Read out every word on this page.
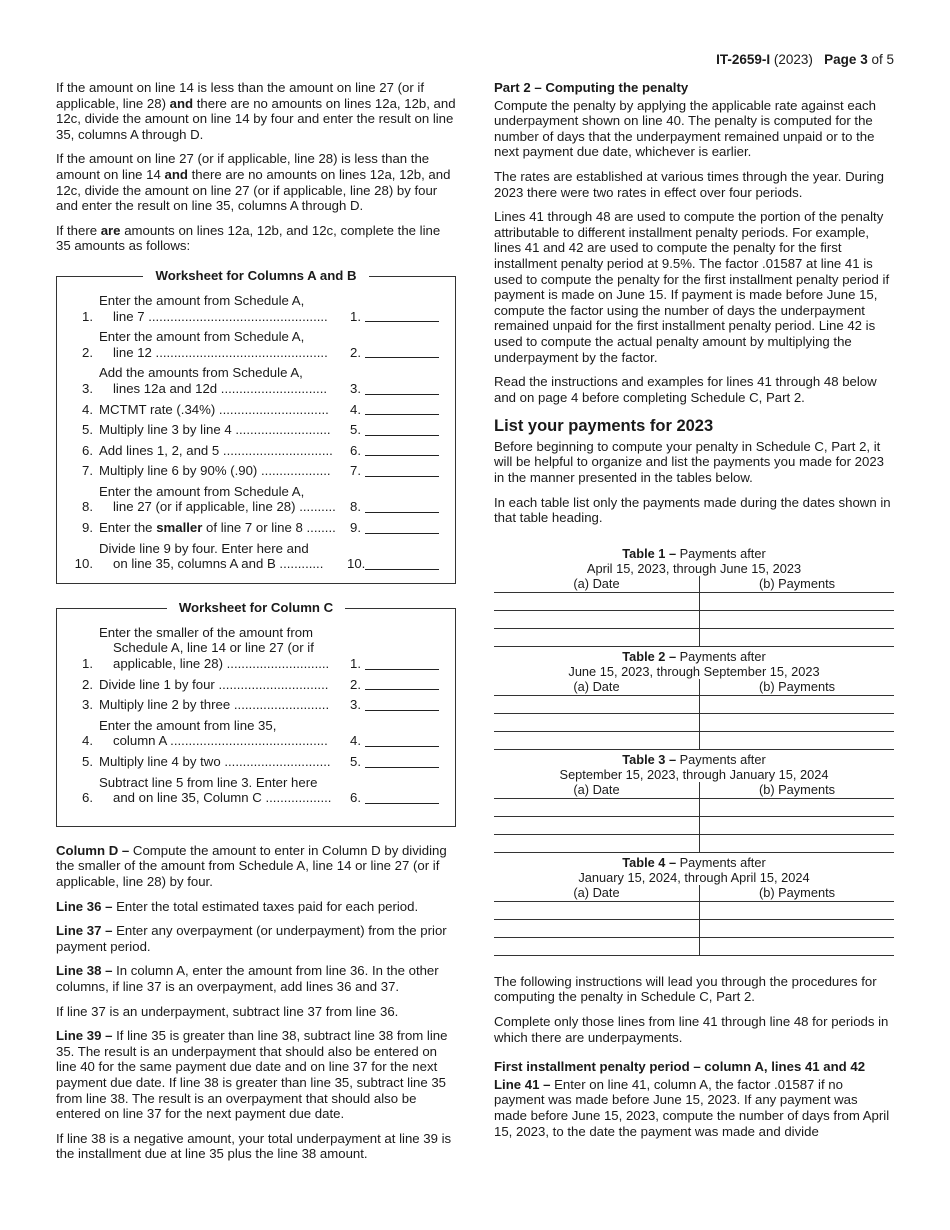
IT-2659-I (2023) Page 3 of 5

If the amount on line 14 is less than the amount on line 27 (or if applicable, line 28) and there are no amounts on lines 12a, 12b, and 12c, divide the amount on line 14 by four and enter the result on line 35, columns A through D.

If the amount on line 27 (or if applicable, line 28) is less than the amount on line 14 and there are no amounts on lines 12a, 12b, and 12c, divide the amount on line 27 (or if applicable, line 28) by four and enter the result on line 35, columns A through D.

If there are amounts on lines 12a, 12b, and 12c, complete the line 35 amounts as follows:

Worksheet for Columns A and B
1.
Enter the amount from Schedule A,
line 7 .................................................	1.
2.
Enter the amount from Schedule A,
line 12 ...............................................	2.
3.
Add the amounts from Schedule A,
lines 12a and 12d .............................	3.
4. MCTMT rate (.34%) ..............................	4.
5. Multiply line 3 by line 4 ..........................	5.
6. Add lines 1, 2, and 5 ..............................	6.
7. Multiply line 6 by 90% (.90) ...................	7.
8.
Enter the amount from Schedule A,
line 27 (or if applicable, line 28) ..........	8.
9. Enter the smaller of line 7 or line 8 ........	9.
10.
Divide line 9 by four. Enter here and
on line 35, columns A and B ............	10.
Worksheet for Column C
1.
Enter the smaller of the amount from
Schedule A, line 14 or line 27 (or if
applicable, line 28) ............................	1.
2. Divide line 1 by four ..............................	2.
3. Multiply line 2 by three ..........................	3.
4.
Enter the amount from line 35,
column A ...........................................	4.
5. Multiply line 4 by two .............................	5.
6.
Subtract line 5 from line 3. Enter here
and on line 35, Column C ..................	6.

Column D – Compute the amount to enter in Column D by dividing the smaller of the amount from Schedule A, line 14 or line 27 (or if applicable, line 28) by four.

Line 36 – Enter the total estimated taxes paid for each period.

Line 37 – Enter any overpayment (or underpayment) from the prior payment period.

Line 38 – In column A, enter the amount from line 36. In the other columns, if line 37 is an overpayment, add lines 36 and 37.

If line 37 is an underpayment, subtract line 37 from line 36.

Line 39 – If line 35 is greater than line 38, subtract line 38 from line 35. The result is an underpayment that should also be entered on line 40 for the same payment due date and on line 37 for the next payment due date. If line 38 is greater than line 35, subtract line 35 from line 38. The result is an overpayment that should also be entered on line 37 for the next payment due date.

If line 38 is a negative amount, your total underpayment at line 39 is the installment due at line 35 plus the line 38 amount.

Part 2 – Computing the penalty

Compute the penalty by applying the applicable rate against each underpayment shown on line 40. The penalty is computed for the number of days that the underpayment remained unpaid or to the next payment due date, whichever is earlier.

The rates are established at various times through the year. During 2023 there were two rates in effect over four periods.

Lines 41 through 48 are used to compute the portion of the penalty attributable to different installment penalty periods. For example, lines 41 and 42 are used to compute the penalty for the first installment penalty period at 9.5%. The factor .01587 at line 41 is used to compute the penalty for the first installment penalty period if payment is made on June 15. If payment is made before June 15, compute the factor using the number of days the underpayment remained unpaid for the first installment penalty period. Line 42 is used to compute the actual penalty amount by multiplying the underpayment by the factor.

Read the instructions and examples for lines 41 through 48 below and on page 4 before completing Schedule C, Part 2.

List your payments for 2023

Before beginning to compute your penalty in Schedule C, Part 2, it will be helpful to organize and list the payments you made for 2023 in the manner presented in the tables below.

In each table list only the payments made during the dates shown in that table heading.

Table 1 – Payments after
April 15, 2023, through June 15, 2023
(a) Date	(b) Payments

Table 2 – Payments after
June 15, 2023, through September 15, 2023
(a) Date	(b) Payments

Table 3 – Payments after
September 15, 2023, through January 15, 2024
(a) Date	(b) Payments

Table 4 – Payments after
January 15, 2024, through April 15, 2024
(a) Date	(b) Payments

The following instructions will lead you through the procedures for computing the penalty in Schedule C, Part 2.

Complete only those lines from line 41 through line 48 for periods in which there are underpayments.

First installment penalty period – column A, lines 41 and 42

Line 41 – Enter on line 41, column A, the factor .01587 if no payment was made before June 15, 2023. If any payment was made before June 15, 2023, compute the number of days from April 15, 2023, to the date the payment was made and divide
